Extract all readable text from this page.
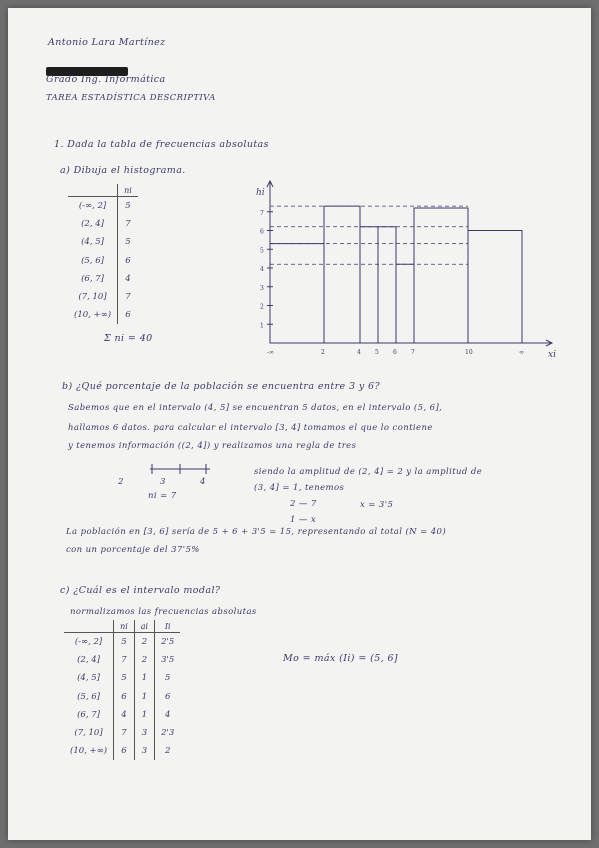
Antonio Lara Martínez
Grado Ing. Informática
TAREA ESTADÍSTICA DESCRIPTIVA
1. Dada la tabla de frecuencias absolutas
a) Dibuja el histograma.
	ni
(-∞, 2]	5
(2, 4]	7
(4, 5]	5
(5, 6]	6
(6, 7]	4
(7, 10]	7
(10, +∞)	6
Σ ni = 40
hi
xi
1
2
3
4
5
6
7
-∞	2	4 5 6 7	10	∞
b) ¿Qué porcentaje de la población se encuentra entre 3 y 6?
Sabemos que en el intervalo (4, 5] se encuentran 5 datos, en el intervalo (5, 6],
hallamos 6 datos. para calcular el intervalo [3, 4] tomamos el que lo contiene
y tenemos información ((2, 4]) y realizamos una regla de tres
2	3	4
ni = 7
siendo la amplitud de (2, 4] = 2 y la amplitud de
(3, 4] = 1, tenemos
2 — 7
1 — x
x = 3'5
La población en [3, 6] sería de 5 + 6 + 3'5 = 15, representando al total (N = 40)
con un porcentaje del 37'5%
c) ¿Cuál es el intervalo modal?
normalizamos las frecuencias absolutas
	ni	ai	Ii
(-∞, 2]	5	2	2'5
(2, 4]	7	2	3'5
(4, 5]	5	1	5
(5, 6]	6	1	6
(6, 7]	4	1	4
(7, 10]	7	3	2'3
(10, +∞)	6	3	2
Mo = máx (Ii) = (5, 6]
